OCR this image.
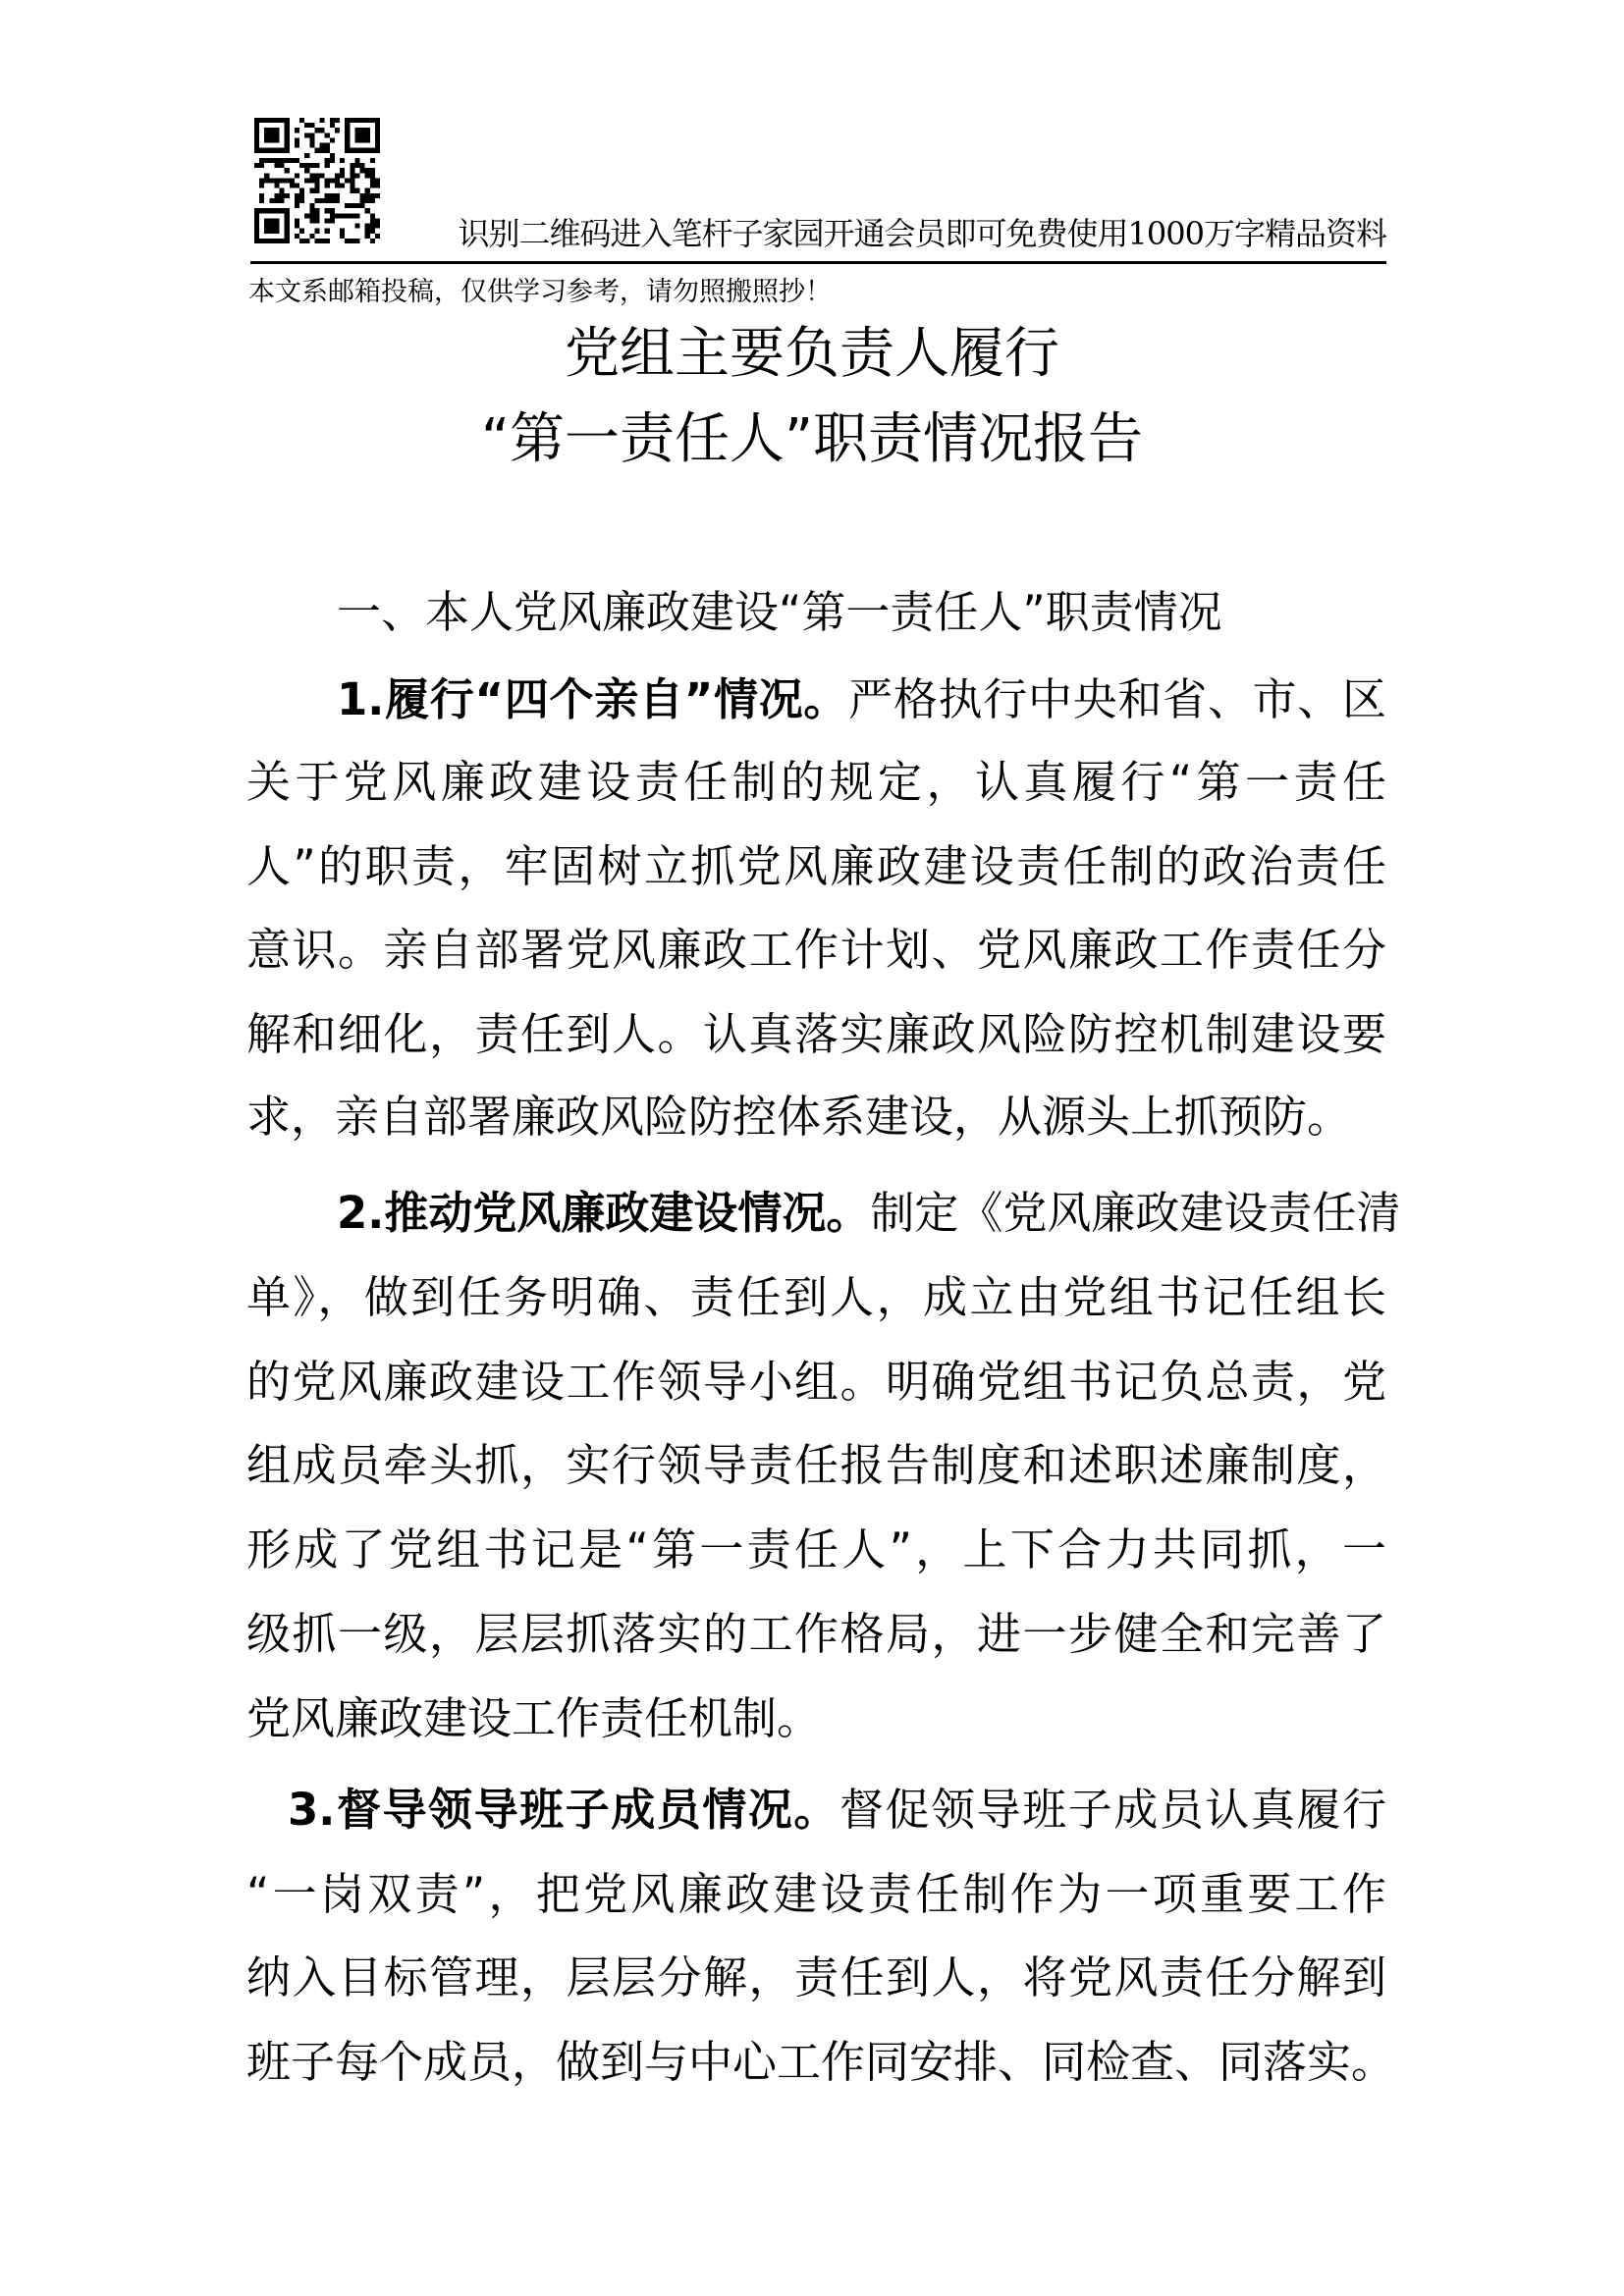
识别二维码进入笔杆子家园开通会员即可免费使用1000万字精品资料
本文系邮箱投稿，仅供学习参考，请勿照搬照抄！
党组主要负责人履行
“第一责任人”职责情况报告
一、本人党风廉政建设“第一责任人”职责情况
1.履行“四个亲自”情况。严格执行中央和省、市、区
关于党风廉政建设责任制的规定，认真履行“第一责任
人”的职责，牢固树立抓党风廉政建设责任制的政治责任
意识。亲自部署党风廉政工作计划、党风廉政工作责任分
解和细化，责任到人。认真落实廉政风险防控机制建设要
求，亲自部署廉政风险防控体系建设，从源头上抓预防。
2.推动党风廉政建设情况。制定《党风廉政建设责任清
单》，做到任务明确、责任到人，成立由党组书记任组长
的党风廉政建设工作领导小组。明确党组书记负总责，党
组成员牵头抓，实行领导责任报告制度和述职述廉制度，
形成了党组书记是“第一责任人”，上下合力共同抓，一
级抓一级，层层抓落实的工作格局，进一步健全和完善了
党风廉政建设工作责任机制。
3.督导领导班子成员情况。督促领导班子成员认真履行
“一岗双责”，把党风廉政建设责任制作为一项重要工作
纳入目标管理，层层分解，责任到人，将党风责任分解到
班子每个成员，做到与中心工作同安排、同检查、同落实。
